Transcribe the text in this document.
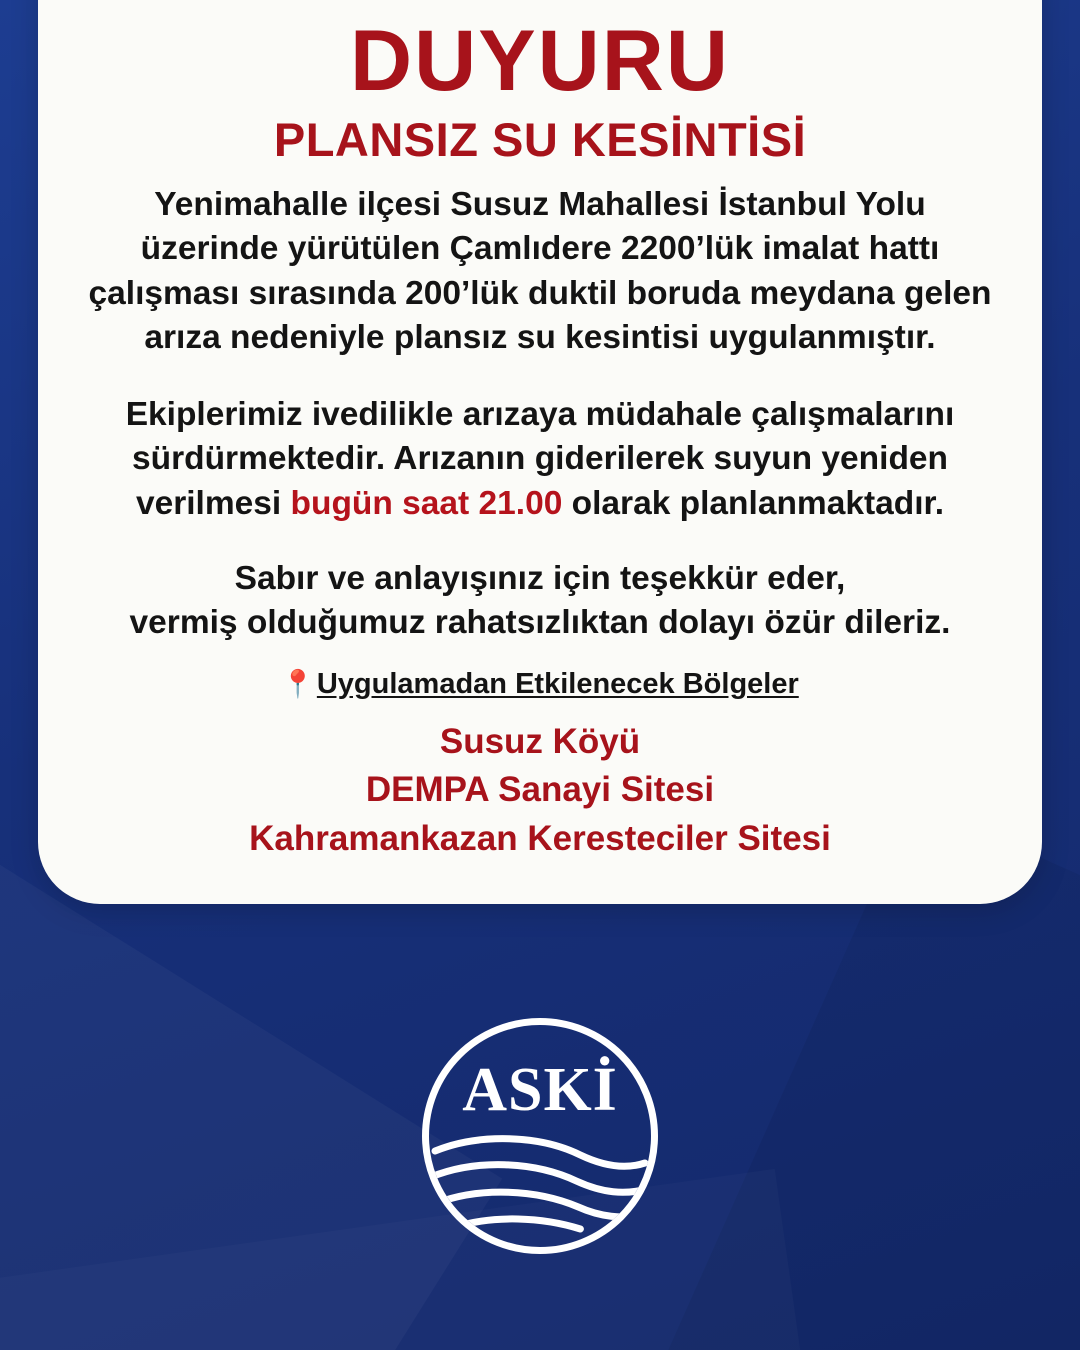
DUYURU
PLANSIZ SU KESİNTİSİ

Yenimahalle ilçesi Susuz Mahallesi İstanbul Yolu üzerinde yürütülen Çamlıdere 2200’lük imalat hattı çalışması sırasında 200’lük duktil boruda meydana gelen arıza nedeniyle plansız su kesintisi uygulanmıştır.

Ekiplerimiz ivedilikle arızaya müdahale çalışmalarını sürdürmektedir. Arızanın giderilerek suyun yeniden verilmesi bugün saat 21.00 olarak planlanmaktadır.

Sabır ve anlayışınız için teşekkür eder,
vermiş olduğumuz rahatsızlıktan dolayı özür dileriz.

📍Uygulamadan Etkilenecek Bölgeler
Susuz Köyü
DEMPA Sanayi Sitesi
Kahramankazan Keresteciler Sitesi
ASKİ
